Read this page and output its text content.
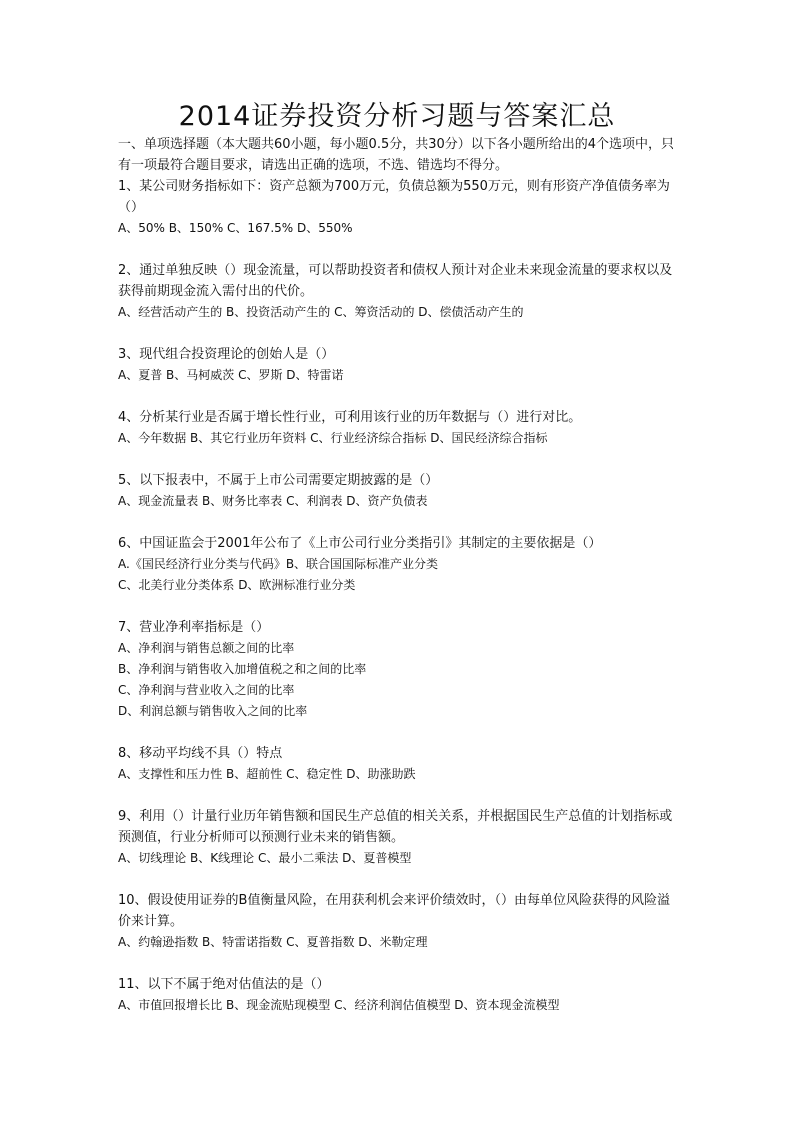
2014证券投资分析习题与答案汇总

一、单项选择题（本大题共60小题，每小题0.5分，共30分）以下各小题所给出的4个选项中，只有一项最符合题目要求，请选出正确的选项，不选、错选均不得分。

1、某公司财务指标如下：资产总额为700万元，负债总额为550万元，则有形资产净值债务率为（）

A、50% B、150% C、167.5% D、550%

2、通过单独反映（）现金流量，可以帮助投资者和债权人预计对企业未来现金流量的要求权以及获得前期现金流入需付出的代价。

A、经营活动产生的 B、投资活动产生的 C、筹资活动的 D、偿债活动产生的

3、现代组合投资理论的创始人是（）

A、夏普 B、马柯威茨 C、罗斯 D、特雷诺

4、分析某行业是否属于增长性行业，可利用该行业的历年数据与（）进行对比。

A、今年数据 B、其它行业历年资料 C、行业经济综合指标 D、国民经济综合指标

5、以下报表中，不属于上市公司需要定期披露的是（）

A、现金流量表 B、财务比率表 C、利润表 D、资产负债表

6、中国证监会于2001年公布了《上市公司行业分类指引》其制定的主要依据是（）

A.《国民经济行业分类与代码》B、联合国国际标准产业分类

C、北美行业分类体系 D、欧洲标准行业分类

7、营业净利率指标是（）

A、净利润与销售总额之间的比率

B、净利润与销售收入加增值税之和之间的比率

C、净利润与营业收入之间的比率

D、利润总额与销售收入之间的比率

8、移动平均线不具（）特点

A、支撑性和压力性 B、超前性 C、稳定性 D、助涨助跌

9、利用（）计量行业历年销售额和国民生产总值的相关关系，并根据国民生产总值的计划指标或预测值，行业分析师可以预测行业未来的销售额。

A、切线理论 B、K线理论 C、最小二乘法 D、夏普模型

10、假设使用证券的B值衡量风险，在用获利机会来评价绩效时，（）由每单位风险获得的风险溢价来计算。

A、约翰逊指数 B、特雷诺指数 C、夏普指数 D、米勒定理

11、以下不属于绝对估值法的是（）

A、市值回报增长比 B、现金流贴现模型 C、经济利润估值模型 D、资本现金流模型
